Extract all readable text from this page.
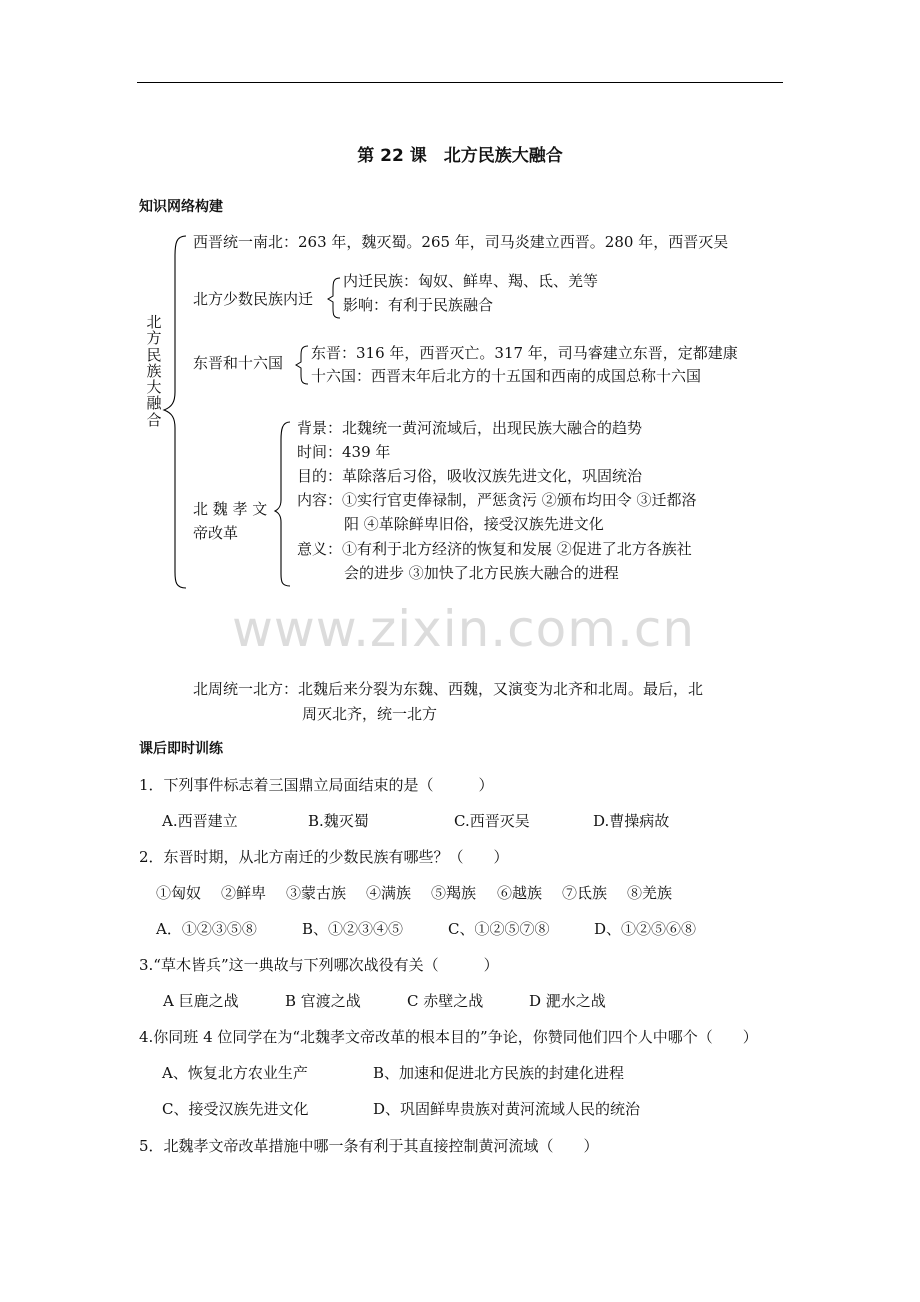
第 22 课　北方民族大融合
知识网络构建
北方民族大融合
西晋统一南北：263 年，魏灭蜀。265 年，司马炎建立西晋。280 年，西晋灭吴
北方少数民族内迁
内迁民族：匈奴、鲜卑、羯、氐、羌等
影响：有利于民族融合
东晋和十六国
东晋：316 年，西晋灭亡。317 年，司马睿建立东晋，定都建康
十六国：西晋末年后北方的十五国和西南的成国总称十六国
北 魏 孝 文
帝改革
背景：北魏统一黄河流域后，出现民族大融合的趋势
时间：439 年
目的：革除落后习俗，吸收汉族先进文化，巩固统治
内容：①实行官吏俸禄制，严惩贪污 ②颁布均田令 ③迁都洛
阳 ④革除鲜卑旧俗，接受汉族先进文化
意义：①有利于北方经济的恢复和发展 ②促进了北方各族社
会的进步 ③加快了北方民族大融合的进程
www.zixin.com.cn
北周统一北方：北魏后来分裂为东魏、西魏，又演变为北齐和北周。最后，北
周灭北齐，统一北方
课后即时训练
1．下列事件标志着三国鼎立局面结束的是（　　　）
A.西晋建立	B.魏灭蜀	C.西晋灭吴	D.曹操病故
2．东晋时期，从北方南迁的少数民族有哪些？（　　）
①匈奴 ②鲜卑 ③蒙古族 ④满族 ⑤羯族 ⑥越族 ⑦氐族 ⑧羌族
A．①②③⑤⑧	B、①②③④⑤	C、①②⑤⑦⑧	D、①②⑤⑥⑧
3.“草木皆兵”这一典故与下列哪次战役有关（　　　）
A 巨鹿之战	B 官渡之战	C 赤壁之战	D 淝水之战
4.你同班 4 位同学在为“北魏孝文帝改革的根本目的”争论，你赞同他们四个人中哪个（　　）
A、恢复北方农业生产	B、加速和促进北方民族的封建化进程
C、接受汉族先进文化	D、巩固鲜卑贵族对黄河流域人民的统治
5．北魏孝文帝改革措施中哪一条有利于其直接控制黄河流域（　　）
